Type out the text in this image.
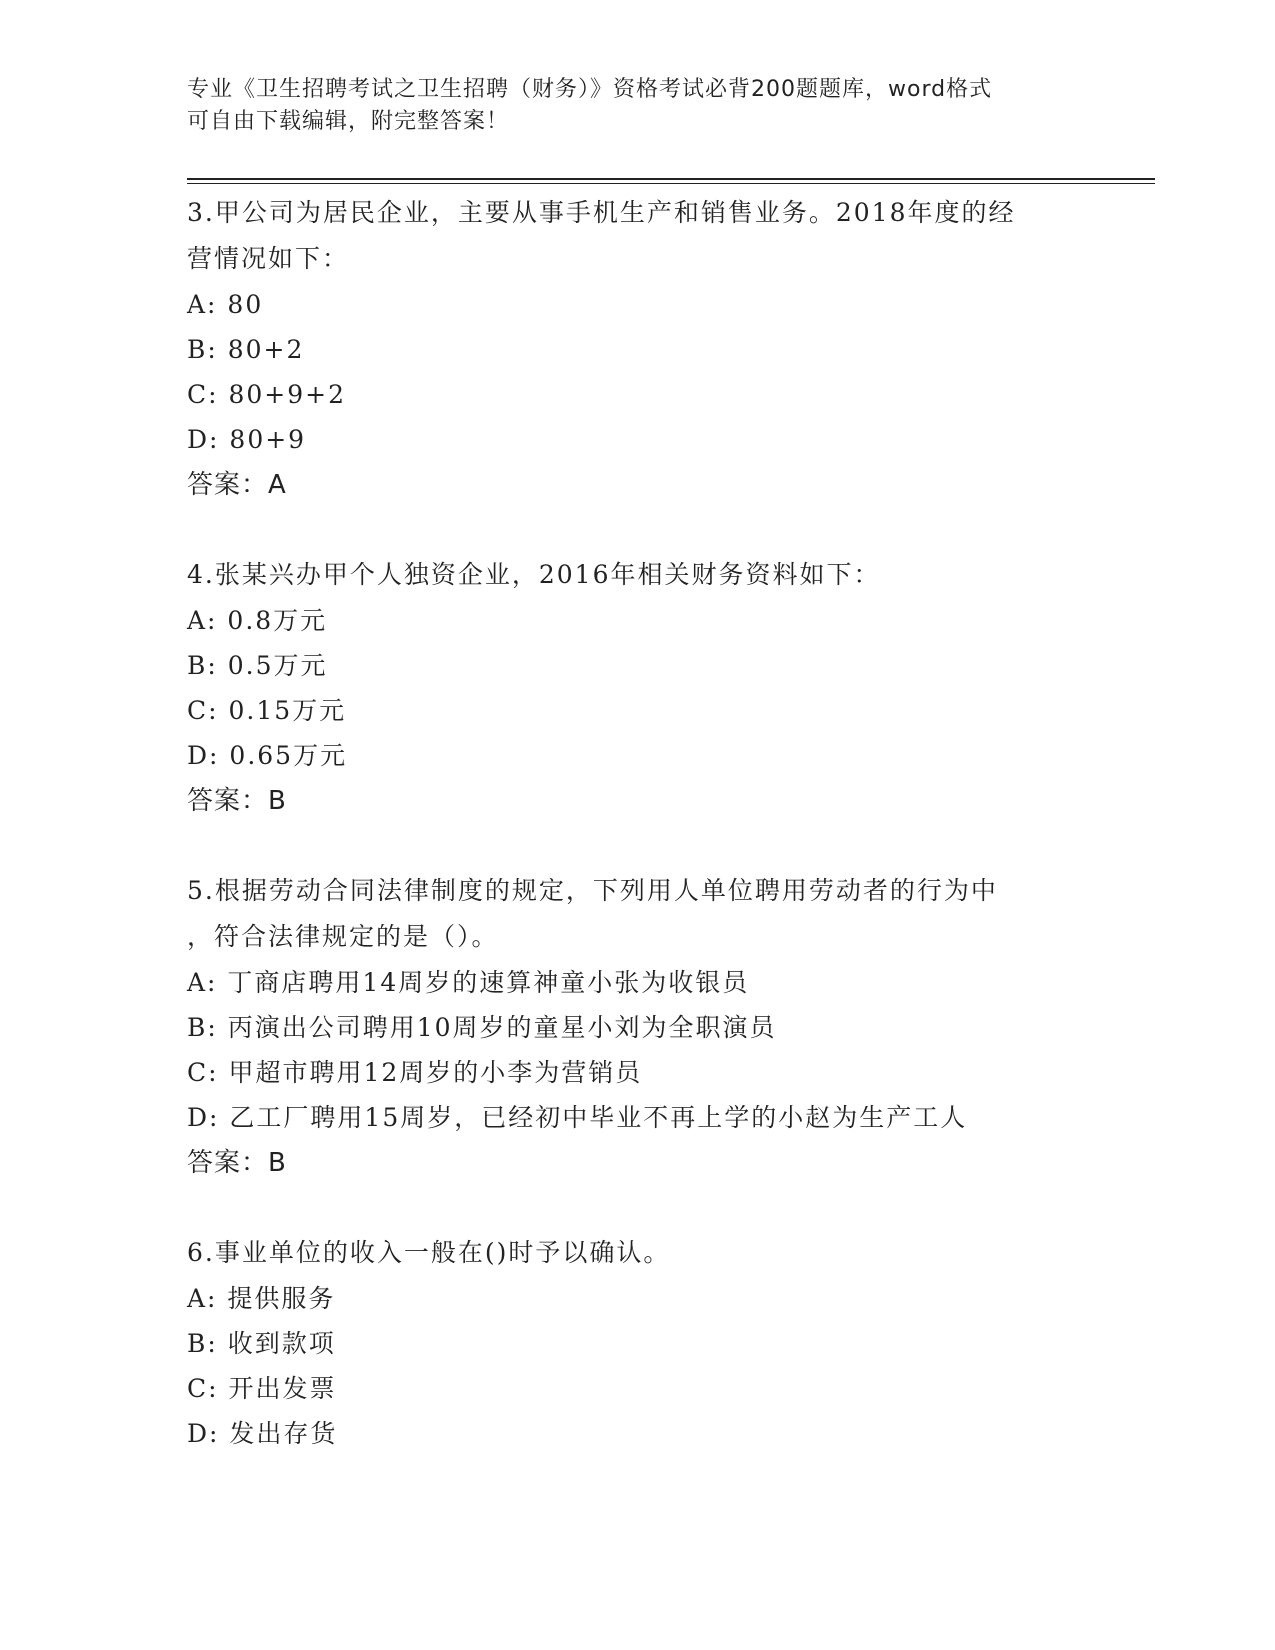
专业《卫生招聘考试之卫生招聘（财务）》资格考试必背200题题库，word格式
可自由下载编辑，附完整答案！
3.甲公司为居民企业，主要从事手机生产和销售业务。2018年度的经
营情况如下：
A: 80
B: 80+2
C: 80+9+2
D: 80+9
答案：A
4.张某兴办甲个人独资企业，2016年相关财务资料如下：
A: 0.8万元
B: 0.5万元
C: 0.15万元
D: 0.65万元
答案：B
5.根据劳动合同法律制度的规定，下列用人单位聘用劳动者的行为中
，符合法律规定的是（）。
A: 丁商店聘用14周岁的速算神童小张为收银员
B: 丙演出公司聘用10周岁的童星小刘为全职演员
C: 甲超市聘用12周岁的小李为营销员
D: 乙工厂聘用15周岁，已经初中毕业不再上学的小赵为生产工人
答案：B
6.事业单位的收入一般在()时予以确认。
A: 提供服务
B: 收到款项
C: 开出发票
D: 发出存货
